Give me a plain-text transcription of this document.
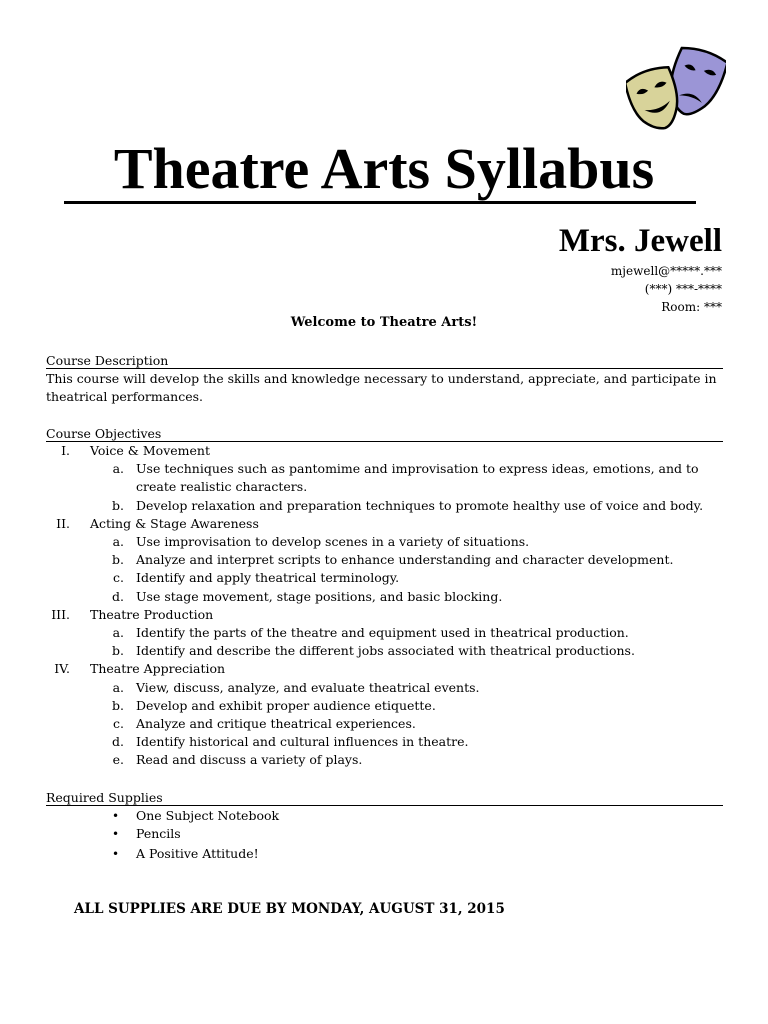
Theatre Arts Syllabus
Mrs. Jewell
mjewell@*****.***
(***) ***-****
Room: ***
Welcome to Theatre Arts!
Course Description
This course will develop the skills and knowledge necessary to understand, appreciate, and participate in theatrical performances.
Course Objectives
I. Voice & Movement
a. Use techniques such as pantomime and improvisation to express ideas, emotions, and to create realistic characters.
b. Develop relaxation and preparation techniques to promote healthy use of voice and body.
II. Acting & Stage Awareness
a. Use improvisation to develop scenes in a variety of situations.
b. Analyze and interpret scripts to enhance understanding and character development.
c. Identify and apply theatrical terminology.
d. Use stage movement, stage positions, and basic blocking.
III. Theatre Production
a. Identify the parts of the theatre and equipment used in theatrical production.
b. Identify and describe the different jobs associated with theatrical productions.
IV. Theatre Appreciation
a. View, discuss, analyze, and evaluate theatrical events.
b. Develop and exhibit proper audience etiquette.
c. Analyze and critique theatrical experiences.
d. Identify historical and cultural influences in theatre.
e. Read and discuss a variety of plays.
Required Supplies
• One Subject Notebook
• Pencils
• A Positive Attitude!
ALL SUPPLIES ARE DUE BY MONDAY, AUGUST 31, 2015
